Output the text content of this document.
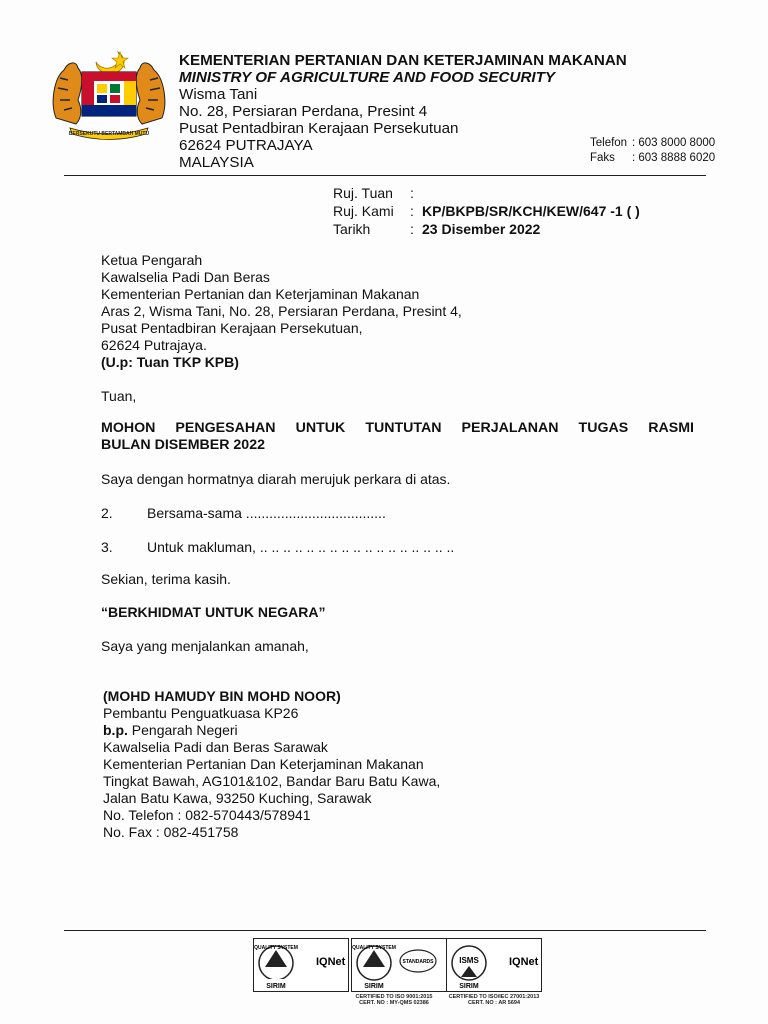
BERSEKUTU BERTAMBAH MUTU
KEMENTERIAN PERTANIAN DAN KETERJAMINAN MAKANAN
MINISTRY OF AGRICULTURE AND FOOD SECURITY
Wisma Tani
No. 28, Persiaran Perdana, Presint 4
Pusat Pentadbiran Kerajaan Persekutuan
62624 PUTRAJAYA
MALAYSIA
Telefon : 603 8000 8000
Faks	: 603 8888 6020
Ruj. Tuan	:
Ruj. Kami	: KP/BKPB/SR/KCH/KEW/647 -1 ( )
Tarikh	: 23 Disember 2022
Ketua Pengarah
Kawalselia Padi Dan Beras
Kementerian Pertanian dan Keterjaminan Makanan
Aras 2, Wisma Tani, No. 28, Persiaran Perdana, Presint 4,
Pusat Pentadbiran Kerajaan Persekutuan,
62624 Putrajaya.
(U.p: Tuan TKP KPB)
Tuan,
MOHON PENGESAHAN UNTUK TUNTUTAN PERJALANAN TUGAS RASMI
BULAN DISEMBER 2022
Saya dengan hormatnya diarah merujuk perkara di atas.
2.	Bersama-sama ....................................
3.	Untuk makluman, .. .. .. .. .. .. .. .. .. .. .. .. .. .. .. .. ..
Sekian, terima kasih.
“BERKHIDMAT UNTUK NEGARA”
Saya yang menjalankan amanah,
(MOHD HAMUDY BIN MOHD NOOR)
Pembantu Penguatkuasa KP26
b.p. Pengarah Negeri
Kawalselia Padi dan Beras Sarawak
Kementerian Pertanian Dan Keterjaminan Makanan
Tingkat Bawah, AG101&102, Bandar Baru Batu Kawa,
Jalan Batu Kawa, 93250 Kuching, Sarawak
No. Telefon : 082-570443/578941
No. Fax : 082-451758
QUALITY SYSTEM
IQNet
SIRIM
QUALITY SYSTEM
STANDARDS
SIRIM
ISMS	IQNet
SIRIM
CERTIFIED TO ISO 9001:2015
CERT. NO : MY-QMS 02386
CERTIFIED TO ISO/IEC 27001:2013
CERT. NO : AR 5694
